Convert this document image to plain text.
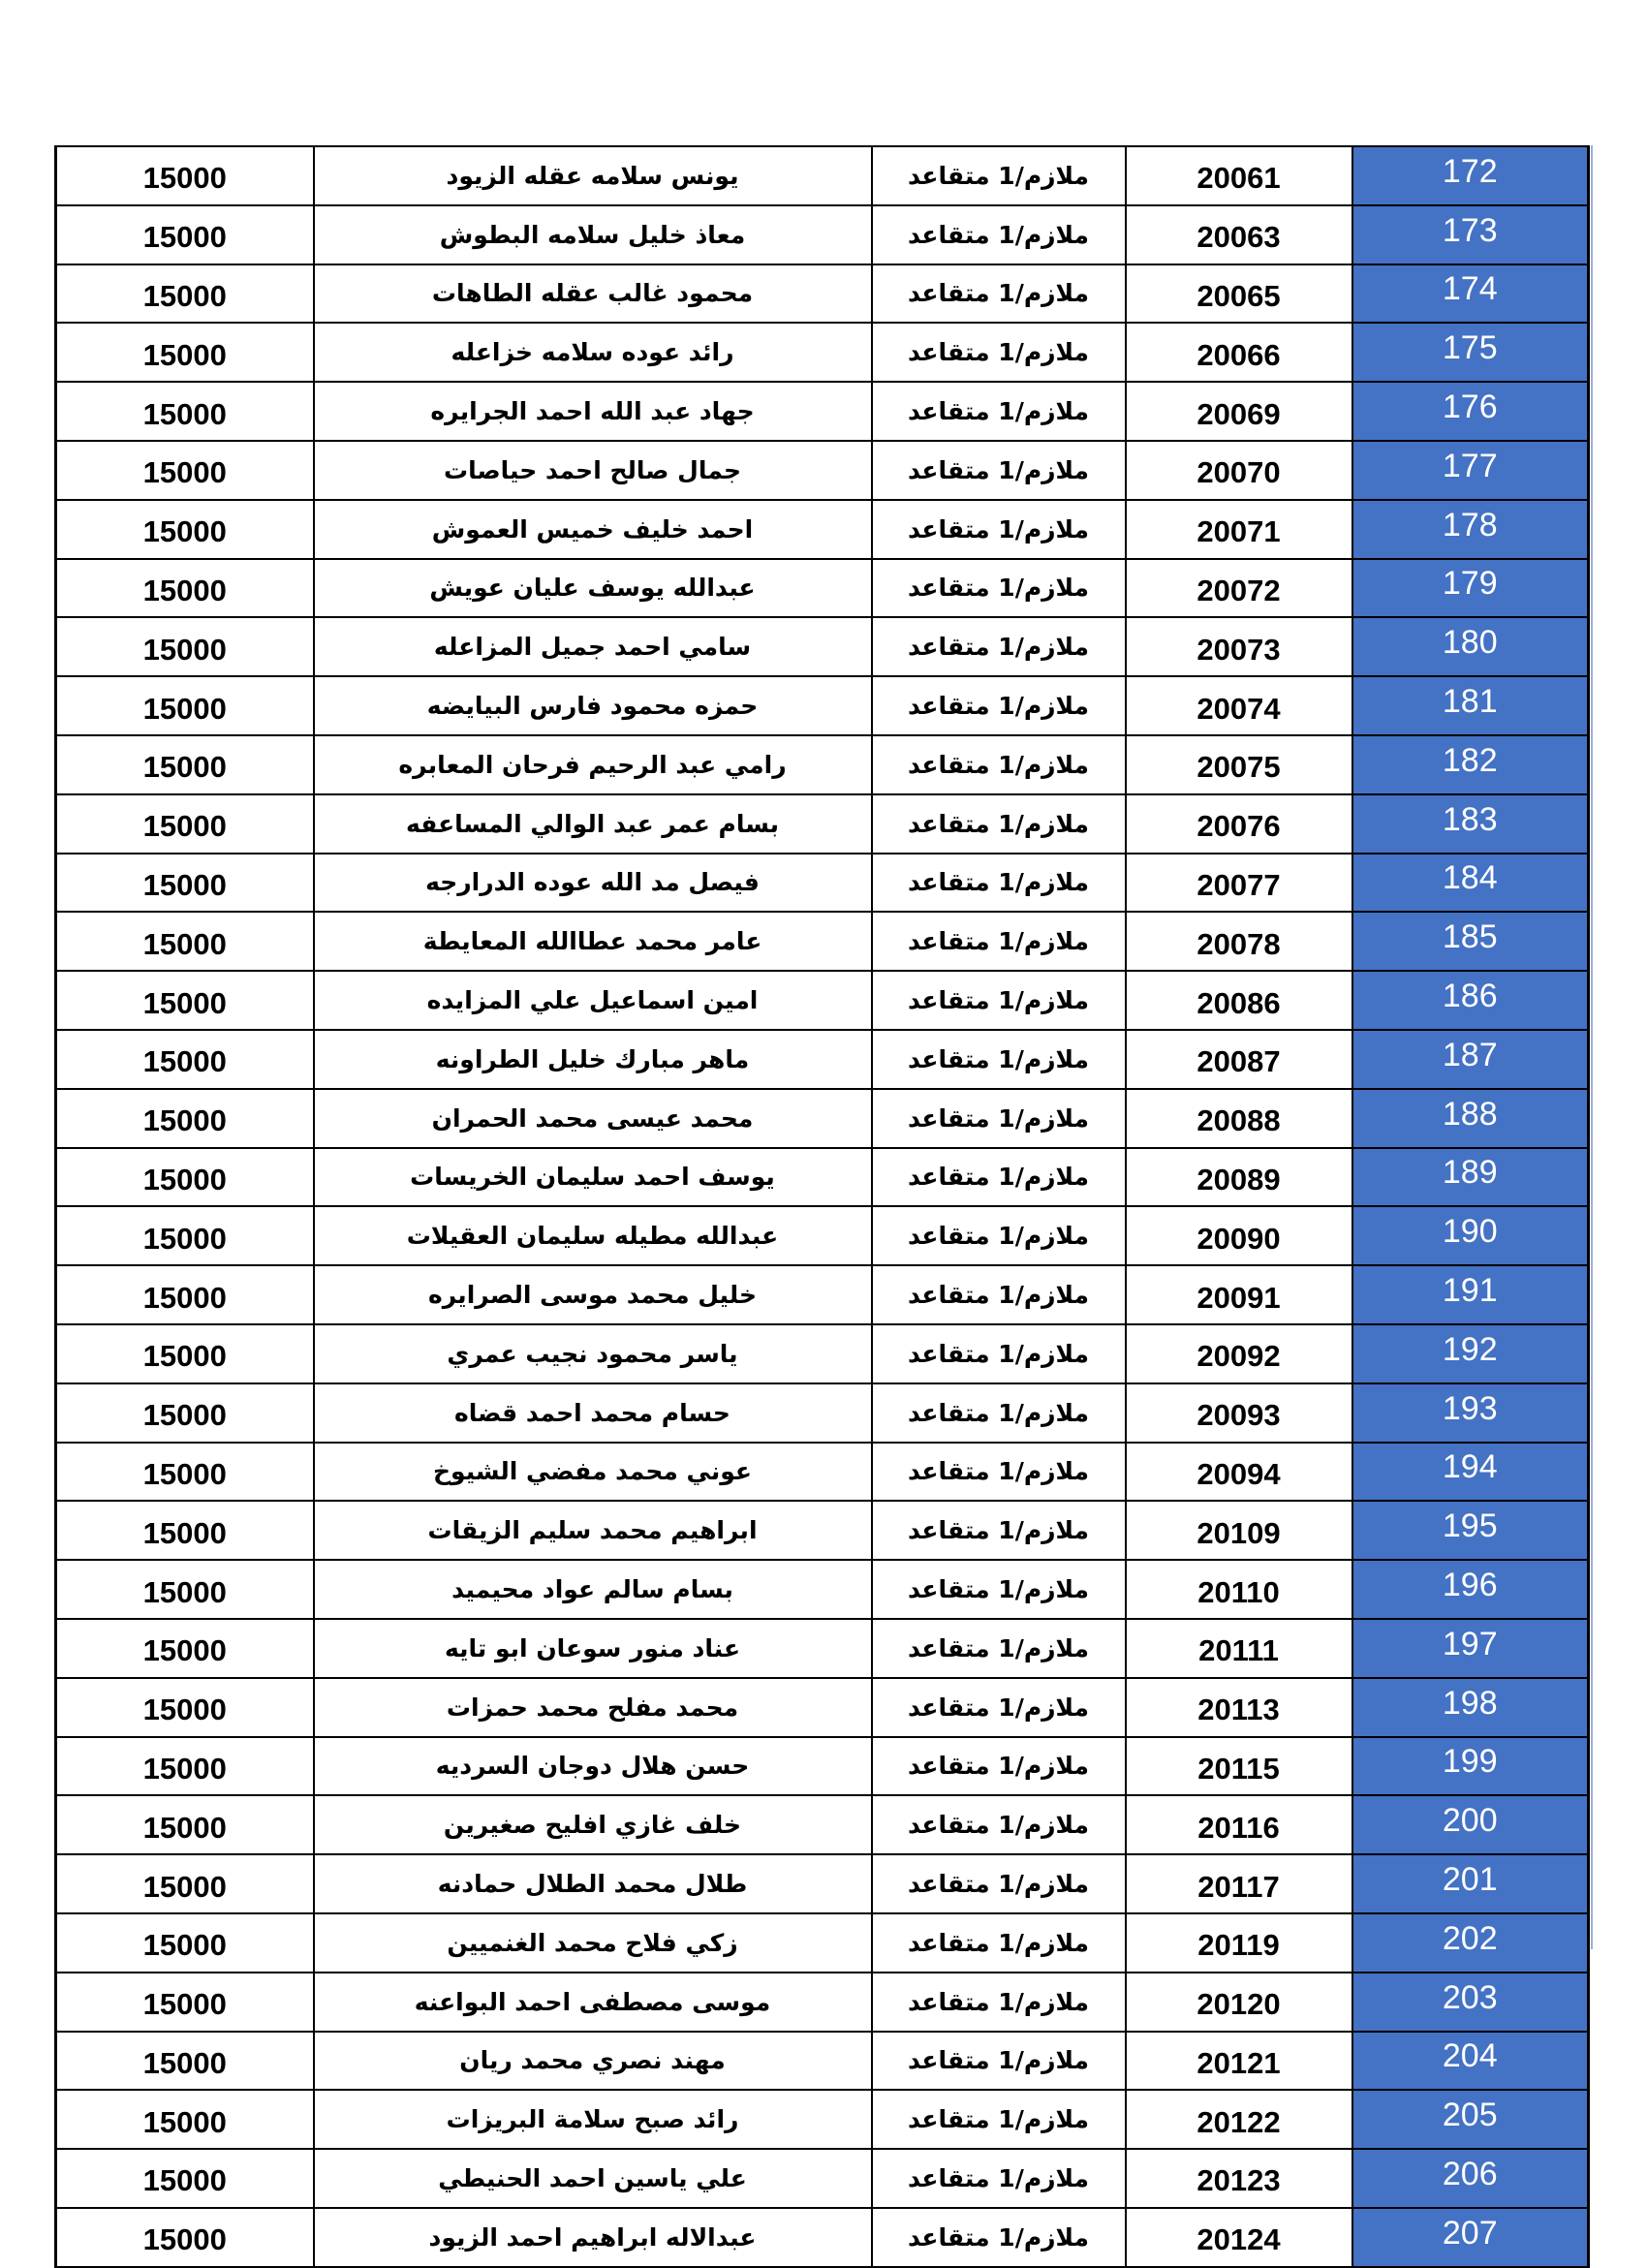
15000	يونس سلامه عقله الزيود	ملازم/1 متقاعد	20061	172
15000	معاذ خليل سلامه البطوش	ملازم/1 متقاعد	20063	173
15000	محمود غالب عقله الطاهات	ملازم/1 متقاعد	20065	174
15000	رائد عوده سلامه خزاعله	ملازم/1 متقاعد	20066	175
15000	جهاد عبد الله احمد الجرايره	ملازم/1 متقاعد	20069	176
15000	جمال صالح احمد حياصات	ملازم/1 متقاعد	20070	177
15000	احمد خليف خميس العموش	ملازم/1 متقاعد	20071	178
15000	عبدالله يوسف عليان عويش	ملازم/1 متقاعد	20072	179
15000	سامي احمد جميل المزاعله	ملازم/1 متقاعد	20073	180
15000	حمزه محمود فارس البيايضه	ملازم/1 متقاعد	20074	181
15000	رامي عبد الرحيم فرحان المعابره	ملازم/1 متقاعد	20075	182
15000	بسام عمر عبد الوالي المساعفه	ملازم/1 متقاعد	20076	183
15000	فيصل مد الله عوده الدرارجه	ملازم/1 متقاعد	20077	184
15000	عامر محمد عطاالله المعايطة	ملازم/1 متقاعد	20078	185
15000	امين اسماعيل علي المزايده	ملازم/1 متقاعد	20086	186
15000	ماهر مبارك خليل الطراونه	ملازم/1 متقاعد	20087	187
15000	محمد عيسى محمد الحمران	ملازم/1 متقاعد	20088	188
15000	يوسف احمد سليمان الخريسات	ملازم/1 متقاعد	20089	189
15000	عبدالله مطيله سليمان العقيلات	ملازم/1 متقاعد	20090	190
15000	خليل محمد موسى الصرايره	ملازم/1 متقاعد	20091	191
15000	ياسر محمود نجيب عمري	ملازم/1 متقاعد	20092	192
15000	حسام محمد احمد قضاه	ملازم/1 متقاعد	20093	193
15000	عوني محمد مفضي الشيوخ	ملازم/1 متقاعد	20094	194
15000	ابراهيم محمد سليم الزيقات	ملازم/1 متقاعد	20109	195
15000	بسام سالم عواد محيميد	ملازم/1 متقاعد	20110	196
15000	عناد منور سوعان ابو تايه	ملازم/1 متقاعد	20111	197
15000	محمد مفلح محمد حمزات	ملازم/1 متقاعد	20113	198
15000	حسن هلال دوجان السرديه	ملازم/1 متقاعد	20115	199
15000	خلف غازي افليح صغيرين	ملازم/1 متقاعد	20116	200
15000	طلال محمد الطلال حمادنه	ملازم/1 متقاعد	20117	201
15000	زكي فلاح محمد الغنميين	ملازم/1 متقاعد	20119	202
15000	موسى مصطفى احمد البواعنه	ملازم/1 متقاعد	20120	203
15000	مهند نصري محمد ريان	ملازم/1 متقاعد	20121	204
15000	رائد صبح سلامة البريزات	ملازم/1 متقاعد	20122	205
15000	علي ياسين احمد الحنيطي	ملازم/1 متقاعد	20123	206
15000	عبدالاله ابراهيم احمد الزيود	ملازم/1 متقاعد	20124	207
